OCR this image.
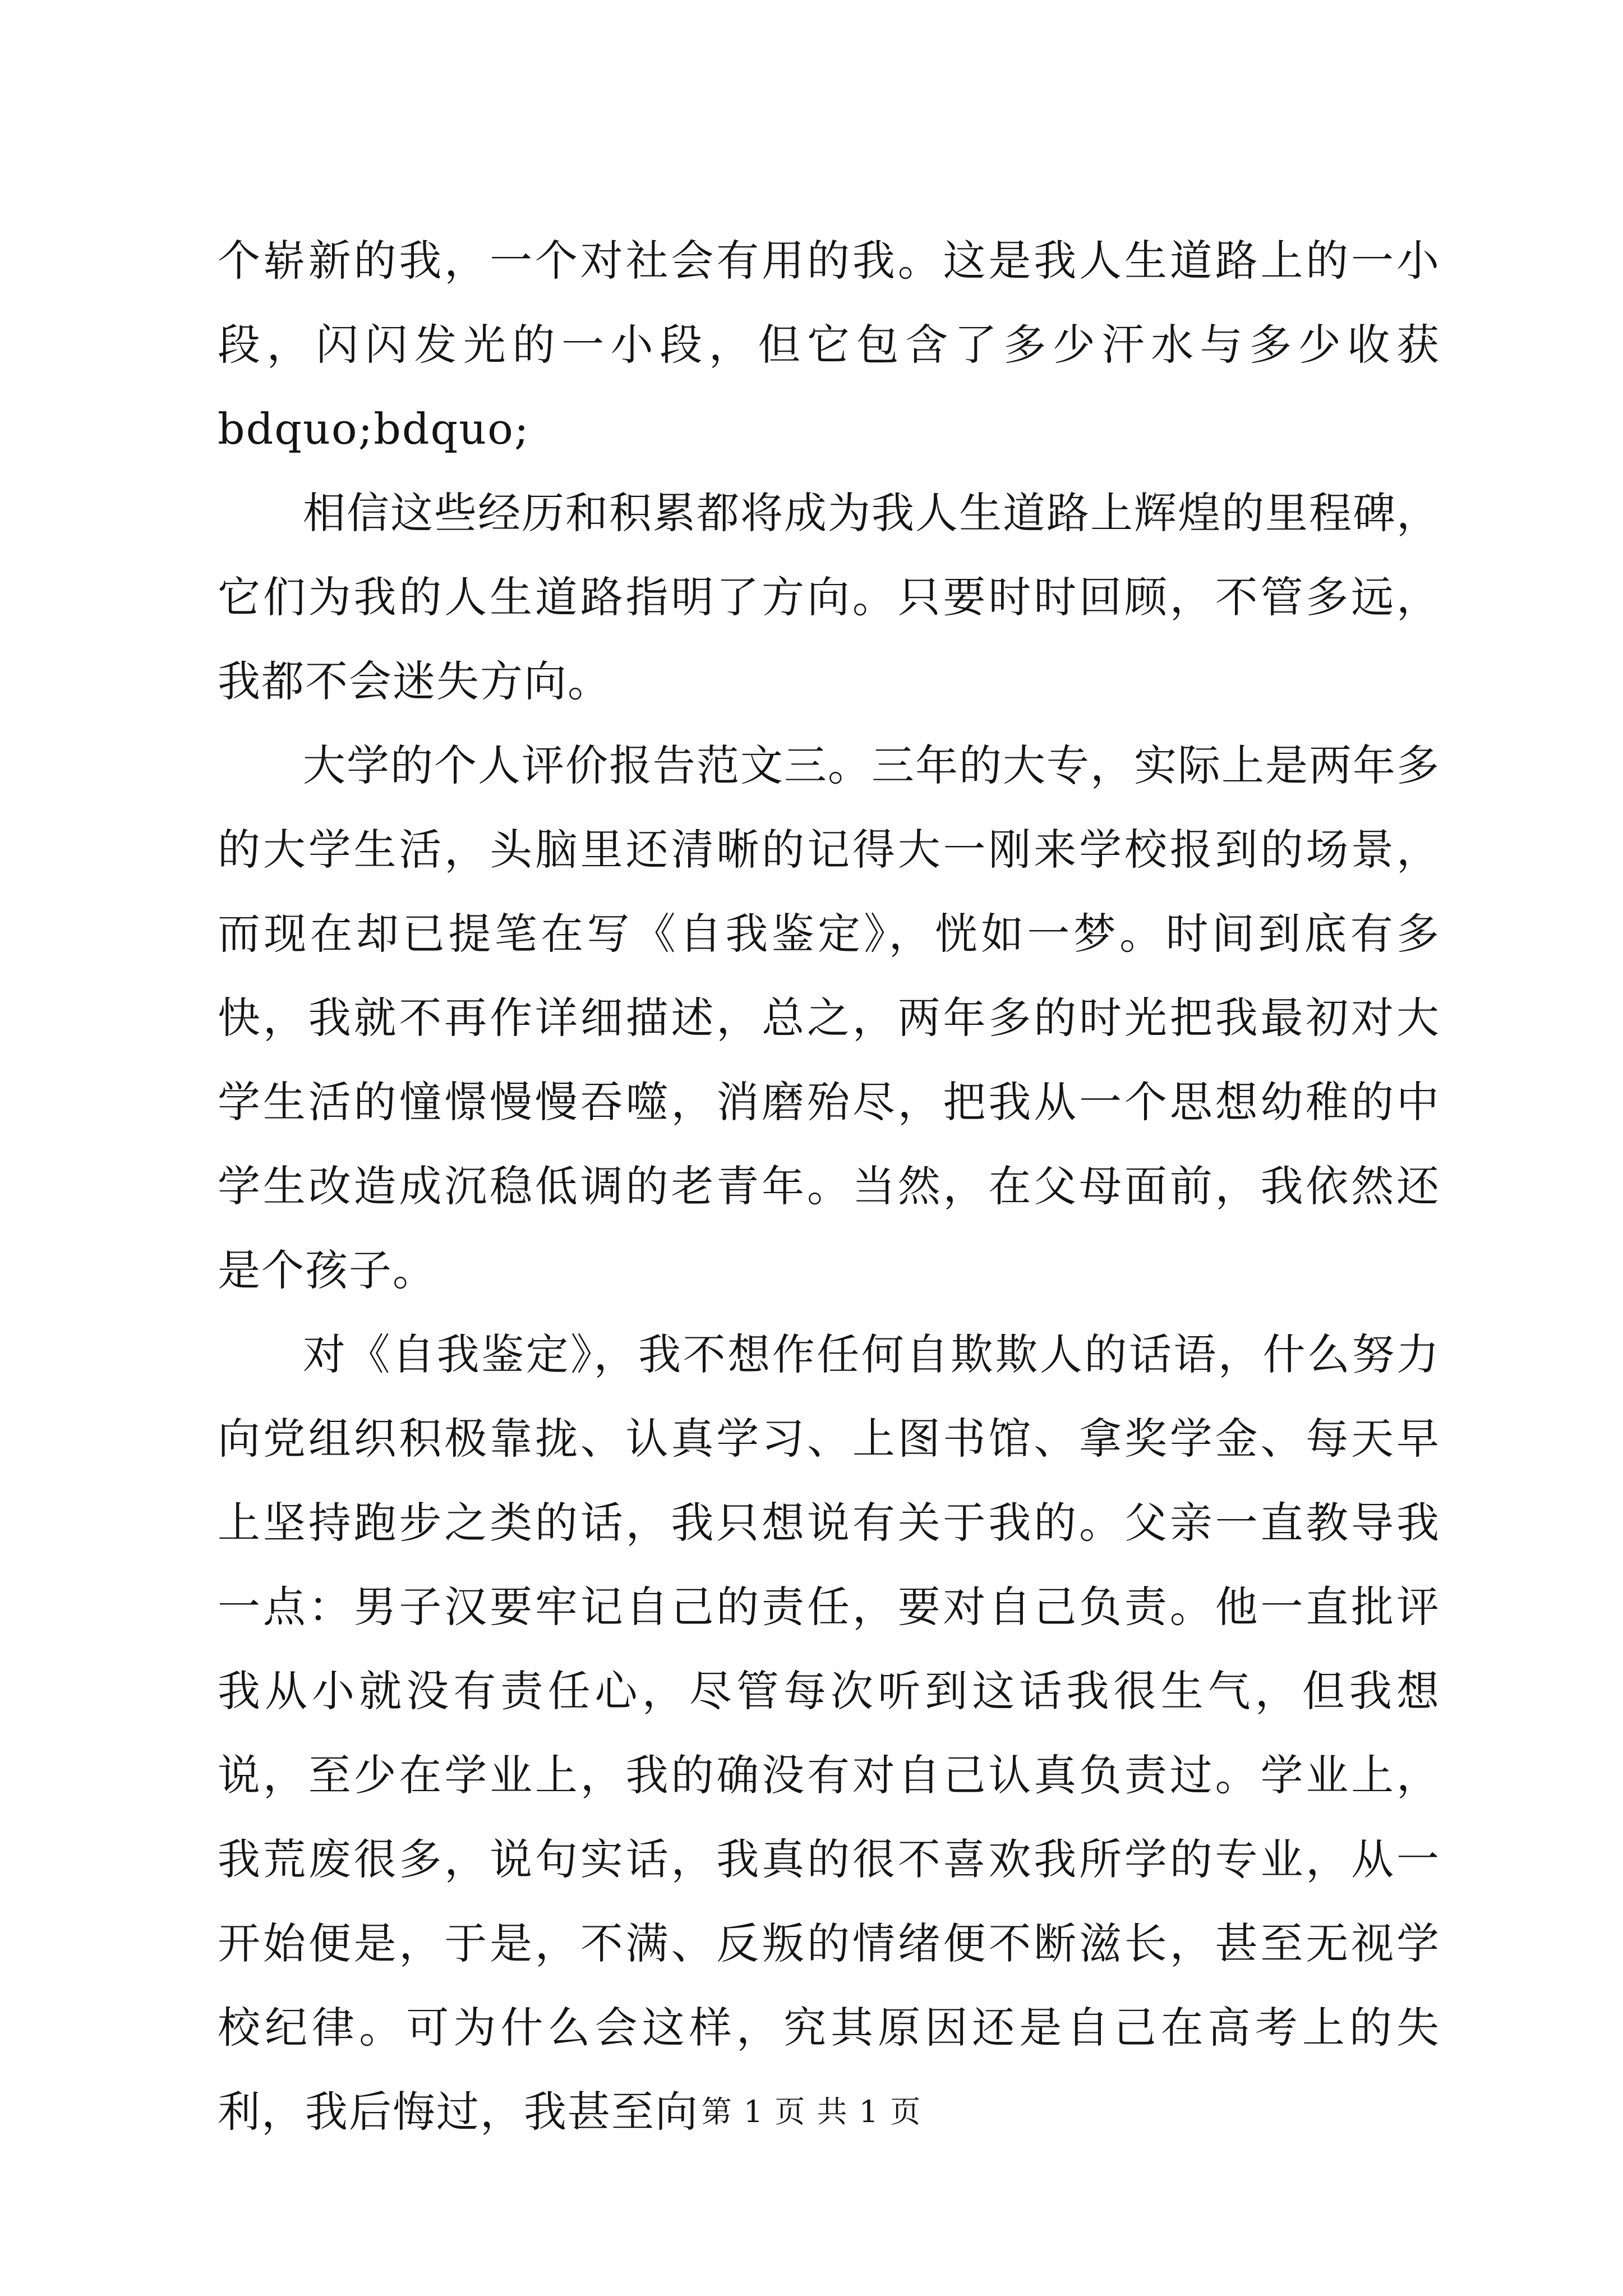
个崭新的我，一个对社会有用的我。这是我人生道路上的一小段，闪闪发光的一小段，但它包含了多少汗水与多少收获bdquo;bdquo;

相信这些经历和积累都将成为我人生道路上辉煌的里程碑，它们为我的人生道路指明了方向。只要时时回顾，不管多远，我都不会迷失方向。

大学的个人评价报告范文三。三年的大专，实际上是两年多的大学生活，头脑里还清晰的记得大一刚来学校报到的场景，而现在却已提笔在写《自我鉴定》，恍如一梦。时间到底有多快，我就不再作详细描述，总之，两年多的时光把我最初对大学生活的憧憬慢慢吞噬，消磨殆尽，把我从一个思想幼稚的中学生改造成沉稳低调的老青年。当然，在父母面前，我依然还是个孩子。

对《自我鉴定》，我不想作任何自欺欺人的话语，什么努力向党组织积极靠拢、认真学习、上图书馆、拿奖学金、每天早上坚持跑步之类的话，我只想说有关于我的。父亲一直教导我一点：男子汉要牢记自己的责任，要对自己负责。他一直批评我从小就没有责任心，尽管每次听到这话我很生气，但我想说，至少在学业上，我的确没有对自己认真负责过。学业上，我荒废很多，说句实话，我真的很不喜欢我所学的专业，从一开始便是，于是，不满、反叛的情绪便不断滋长，甚至无视学校纪律。可为什么会这样，究其原因还是自己在高考上的失利，我后悔过，我甚至向 第 1 页 共 1 页
